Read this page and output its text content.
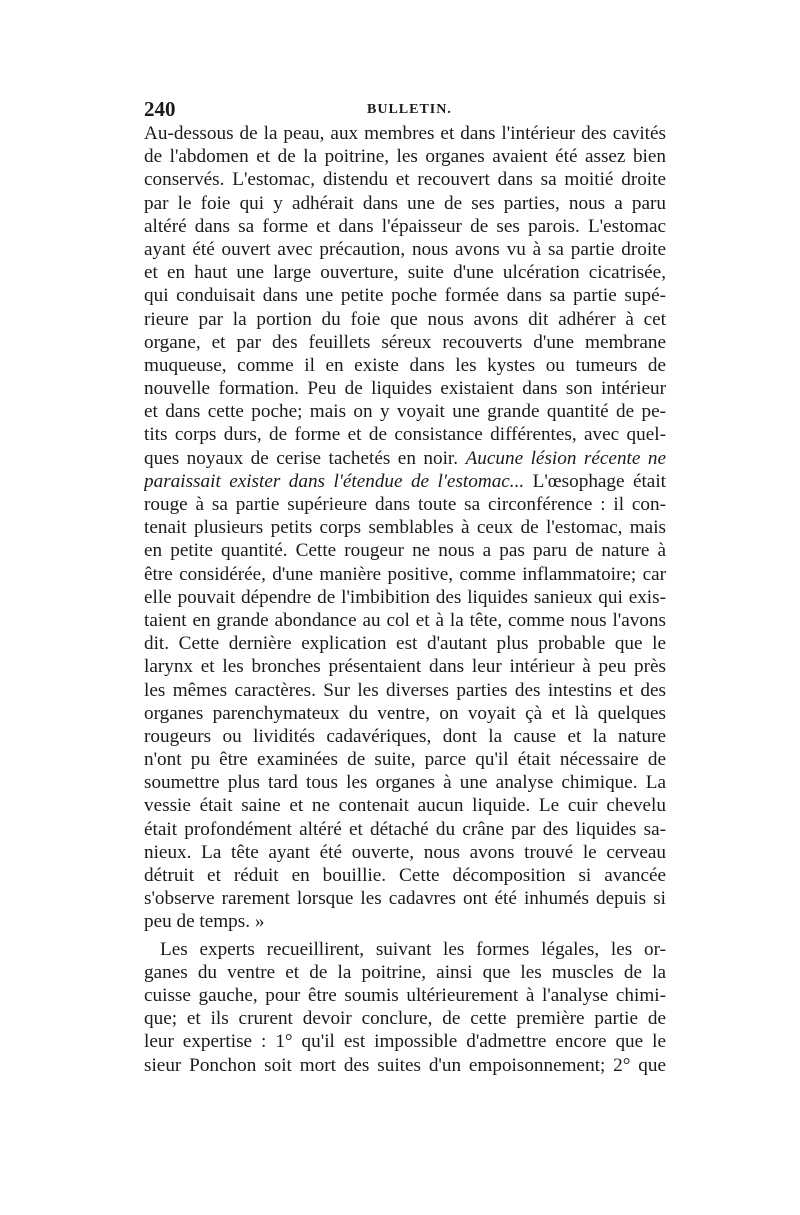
240	BULLETIN.
Au-dessous de la peau, aux membres et dans l'intérieur des cavités
de l'abdomen et de la poitrine, les organes avaient été assez bien
conservés. L'estomac, distendu et recouvert dans sa moitié droite
par le foie qui y adhérait dans une de ses parties, nous a paru
altéré dans sa forme et dans l'épaisseur de ses parois. L'estomac
ayant été ouvert avec précaution, nous avons vu à sa partie droite
et en haut une large ouverture, suite d'une ulcération cicatrisée,
qui conduisait dans une petite poche formée dans sa partie supé-
rieure par la portion du foie que nous avons dit adhérer à cet
organe, et par des feuillets séreux recouverts d'une membrane
muqueuse, comme il en existe dans les kystes ou tumeurs de
nouvelle formation. Peu de liquides existaient dans son intérieur
et dans cette poche; mais on y voyait une grande quantité de pe-
tits corps durs, de forme et de consistance différentes, avec quel-
ques noyaux de cerise tachetés en noir. Aucune lésion récente ne
paraissait exister dans l'étendue de l'estomac... L'œsophage était
rouge à sa partie supérieure dans toute sa circonférence : il con-
tenait plusieurs petits corps semblables à ceux de l'estomac, mais
en petite quantité. Cette rougeur ne nous a pas paru de nature à
être considérée, d'une manière positive, comme inflammatoire; car
elle pouvait dépendre de l'imbibition des liquides sanieux qui exis-
taient en grande abondance au col et à la tête, comme nous l'avons
dit. Cette dernière explication est d'autant plus probable que le
larynx et les bronches présentaient dans leur intérieur à peu près
les mêmes caractères. Sur les diverses parties des intestins et des
organes parenchymateux du ventre, on voyait çà et là quelques
rougeurs ou lividités cadavériques, dont la cause et la nature
n'ont pu être examinées de suite, parce qu'il était nécessaire de
soumettre plus tard tous les organes à une analyse chimique. La
vessie était saine et ne contenait aucun liquide. Le cuir chevelu
était profondément altéré et détaché du crâne par des liquides sa-
nieux. La tête ayant été ouverte, nous avons trouvé le cerveau
détruit et réduit en bouillie. Cette décomposition si avancée
s'observe rarement lorsque les cadavres ont été inhumés depuis si
peu de temps. »
Les experts recueillirent, suivant les formes légales, les or-
ganes du ventre et de la poitrine, ainsi que les muscles de la
cuisse gauche, pour être soumis ultérieurement à l'analyse chimi-
que; et ils crurent devoir conclure, de cette première partie de
leur expertise : 1° qu'il est impossible d'admettre encore que le
sieur Ponchon soit mort des suites d'un empoisonnement; 2° que
